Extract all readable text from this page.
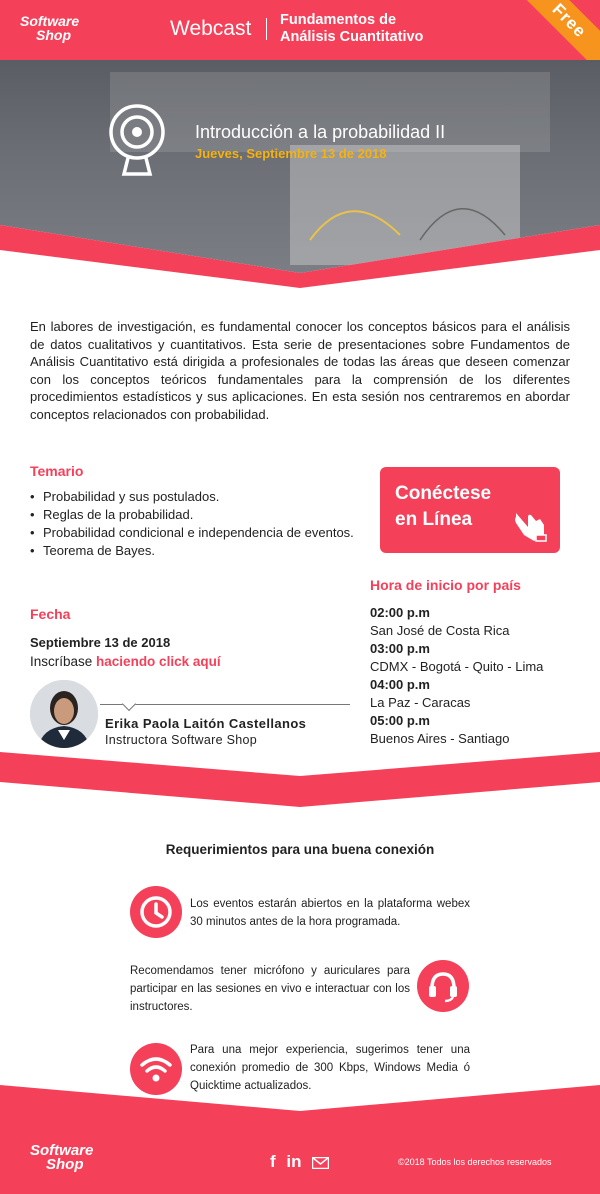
Software
Shop	Webcast Fundamentos de
Análisis Cuantitativo	Free
Introducción a la probabilidad II
Jueves, Septiembre 13 de 2018

En labores de investigación, es fundamental conocer los conceptos básicos para el análisis de datos cualitativos y cuantitativos. Esta serie de presentaciones sobre Fundamentos de Análisis Cuantitativo está dirigida a profesionales de todas las áreas que deseen comenzar con los conceptos teóricos fundamentales para la comprensión de los diferentes procedimientos estadísticos y sus aplicaciones. En esta sesión nos centraremos en abordar conceptos relacionados con probabilidad.

Temario
• Probabilidad y sus postulados.
• Reglas de la probabilidad.
• Probabilidad condicional e independencia de eventos.
• Teorema de Bayes.
Fecha
Septiembre 13 de 2018
Inscríbase haciendo click aquí
Erika Paola Laitón Castellanos
Instructora Software Shop
Conéctese
en Línea
Hora de inicio por país
02:00 p.m
San José de Costa Rica
03:00 p.m
CDMX - Bogotá - Quito - Lima
04:00 p.m
La Paz - Caracas
05:00 p.m
Buenos Aires - Santiago
Requerimientos para una buena conexión
Los eventos estarán abiertos en la plataforma webex 30 minutos antes de la hora programada.
Recomendamos tener micrófono y auriculares para participar en las sesiones en vivo e interactuar con los instructores.
Para una mejor experiencia, sugerimos tener una conexión promedio de 300 Kbps, Windows Media ó Quicktime actualizados.
Software
Shop	f in	©2018 Todos los derechos reservados
